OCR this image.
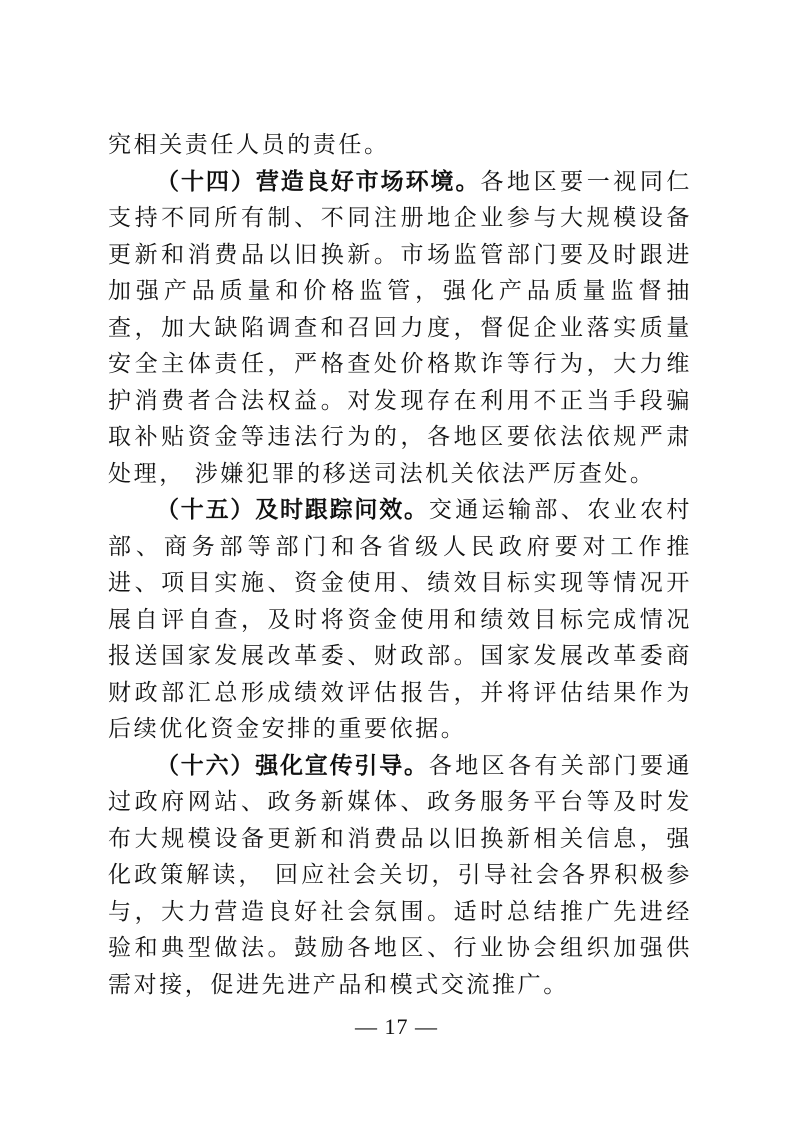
究相关责任人员的责任。

（十四）营造良好市场环境。各地区要一视同仁支持不同所有制、不同注册地企业参与大规模设备更新和消费品以旧换新。市场监管部门要及时跟进加强产品质量和价格监管，强化产品质量监督抽查，加大缺陷调查和召回力度，督促企业落实质量安全主体责任，严格查处价格欺诈等行为，大力维护消费者合法权益。对发现存在利用不正当手段骗取补贴资金等违法行为的，各地区要依法依规严肃处理， 涉嫌犯罪的移送司法机关依法严厉查处。

（十五）及时跟踪问效。交通运输部、农业农村部、商务部等部门和各省级人民政府要对工作推进、项目实施、资金使用、绩效目标实现等情况开展自评自查，及时将资金使用和绩效目标完成情况报送国家发展改革委、财政部。国家发展改革委商财政部汇总形成绩效评估报告，并将评估结果作为后续优化资金安排的重要依据。

（十六）强化宣传引导。各地区各有关部门要通过政府网站、政务新媒体、政务服务平台等及时发布大规模设备更新和消费品以旧换新相关信息，强化政策解读， 回应社会关切，引导社会各界积极参与，大力营造良好社会氛围。适时总结推广先进经验和典型做法。鼓励各地区、行业协会组织加强供需对接，促进先进产品和模式交流推广。

— 17 —
